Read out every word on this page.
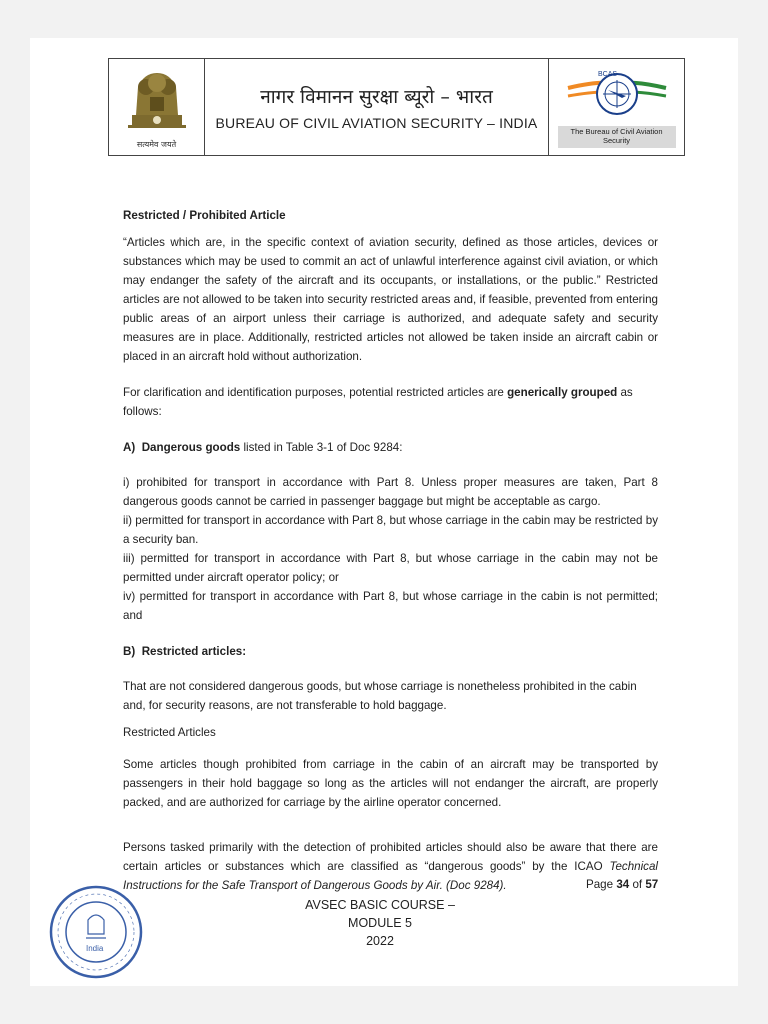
सत्यमेव जयते
नागर विमानन सुरक्षा ब्यूरो – भारत
BUREAU OF CIVIL AVIATION SECURITY – INDIA
BCAS
The Bureau of Civil Aviation Security

Restricted / Prohibited Article

“Articles which are, in the specific context of aviation security, defined as those articles, devices or substances which may be used to commit an act of unlawful interference against civil aviation, or which may endanger the safety of the aircraft and its occupants, or installations, or the public.” Restricted articles are not allowed to be taken into security restricted areas and, if feasible, prevented from entering public areas of an airport unless their carriage is authorized, and adequate safety and security measures are in place. Additionally, restricted articles not allowed be taken inside an aircraft cabin or placed in an aircraft hold without authorization.

For clarification and identification purposes, potential restricted articles are generically grouped as follows:

A) Dangerous goods listed in Table 3-1 of Doc 9284:

i) prohibited for transport in accordance with Part 8. Unless proper measures are taken, Part 8 dangerous goods cannot be carried in passenger baggage but might be acceptable as cargo.

ii) permitted for transport in accordance with Part 8, but whose carriage in the cabin may be restricted by a security ban.

iii) permitted for transport in accordance with Part 8, but whose carriage in the cabin may not be permitted under aircraft operator policy; or

iv) permitted for transport in accordance with Part 8, but whose carriage in the cabin is not permitted; and

B) Restricted articles:

That are not considered dangerous goods, but whose carriage is nonetheless prohibited in the cabin and, for security reasons, are not transferable to hold baggage.

Restricted Articles

Some articles though prohibited from carriage in the cabin of an aircraft may be transported by passengers in their hold baggage so long as the articles will not endanger the aircraft, are properly packed, and are authorized for carriage by the airline operator concerned.

Persons tasked primarily with the detection of prohibited articles should also be aware that there are certain articles or substances which are classified as “dangerous goods” by the ICAO Technical Instructions for the Safe Transport of Dangerous Goods by Air. (Doc 9284).	Page 34 of 57
AVSEC BASIC COURSE – MODULE 5
2022
India
